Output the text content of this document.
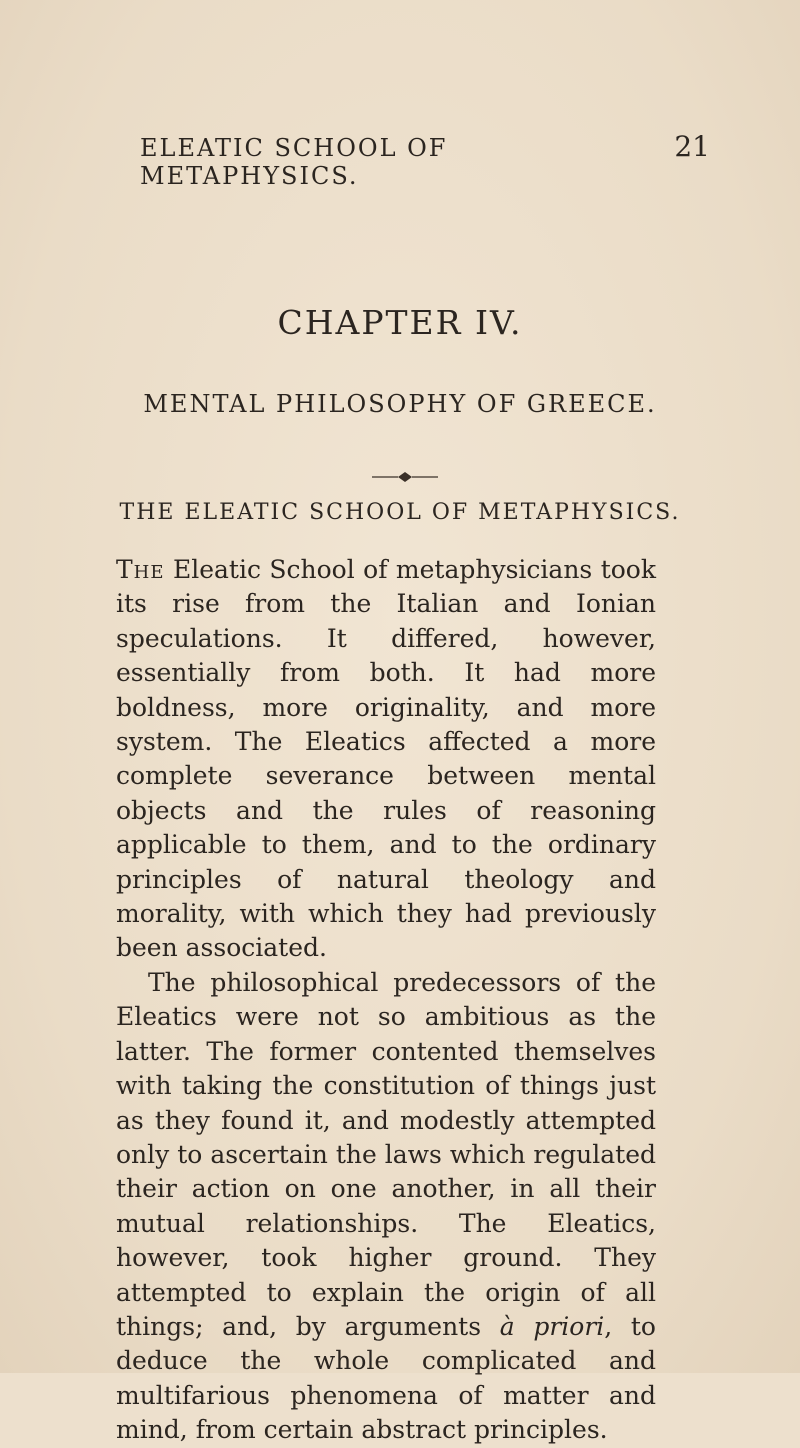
ELEATIC SCHOOL OF METAPHYSICS.
21
CHAPTER IV.
MENTAL PHILOSOPHY OF GREECE.
THE ELEATIC SCHOOL OF METAPHYSICS.

The Eleatic School of metaphysicians took its rise from the Italian and Ionian speculations. It differed, however, essentially from both. It had more boldness, more originality, and more system. The Eleatics affected a more complete severance between mental objects and the rules of reasoning applicable to them, and to the ordinary principles of natural theology and morality, with which they had previously been associated.

The philosophical predecessors of the Eleatics were not so ambitious as the latter. The former contented themselves with taking the constitution of things just as they found it, and modestly attempted only to ascertain the laws which regulated their action on one another, in all their mutual relationships. The Eleatics, however, took higher ground. They attempted to explain the origin of all things; and, by arguments à priori, to deduce the whole complicated and multifarious phenomena of matter and mind, from certain abstract principles.
